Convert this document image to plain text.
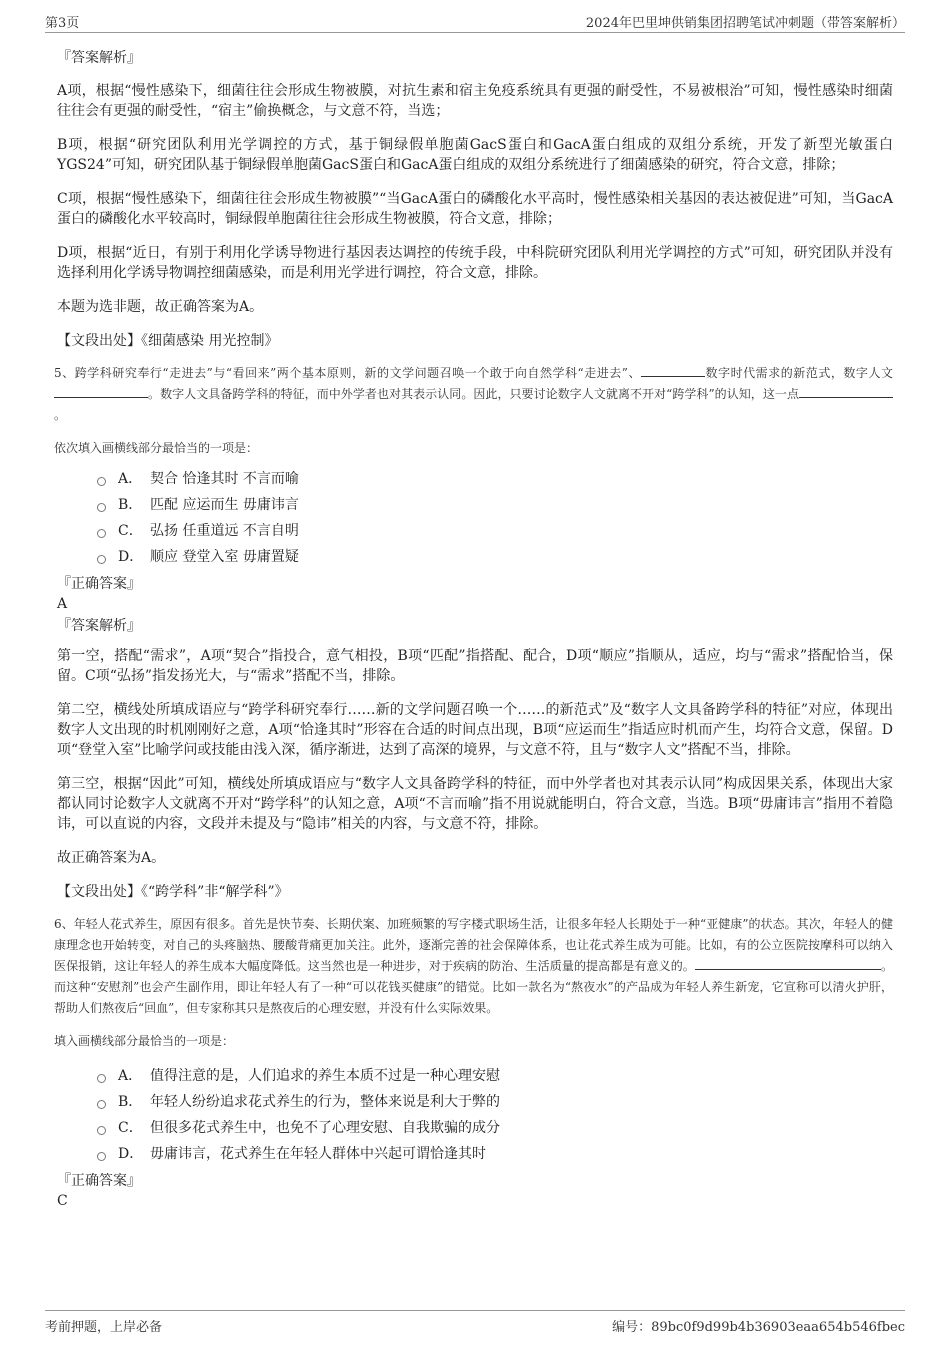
第3页	2024年巴里坤供销集团招聘笔试冲刺题（带答案解析）
『答案解析』

A项，根据“慢性感染下，细菌往往会形成生物被膜，对抗生素和宿主免疫系统具有更强的耐受性，不易被根治”可知，慢性感染时细菌往往会有更强的耐受性，“宿主”偷换概念，与文意不符，当选；

B项，根据“研究团队利用光学调控的方式，基于铜绿假单胞菌GacS蛋白和GacA蛋白组成的双组分系统，开发了新型光敏蛋白YGS24”可知，研究团队基于铜绿假单胞菌GacS蛋白和GacA蛋白组成的双组分系统进行了细菌感染的研究，符合文意，排除；

C项，根据“慢性感染下，细菌往往会形成生物被膜”“当GacA蛋白的磷酸化水平高时，慢性感染相关基因的表达被促进”可知，当GacA蛋白的磷酸化水平较高时，铜绿假单胞菌往往会形成生物被膜，符合文意，排除；

D项，根据“近日，有别于利用化学诱导物进行基因表达调控的传统手段，中科院研究团队利用光学调控的方式”可知，研究团队并没有选择利用化学诱导物调控细菌感染，而是利用光学进行调控，符合文意，排除。

本题为选非题，故正确答案为A。

【文段出处】《细菌感染 用光控制》

5、跨学科研究奉行“走进去”与“看回来”两个基本原则，新的文学问题召唤一个敢于向自然学科“走进去”、	数字时代需求的新范式，数字人文。数字人文具备跨学科的特征，而中外学者也对其表示认同。因此，只要讨论数字人文就离不开对“跨学科”的认知，这一点。

依次填入画横线部分最恰当的一项是：

A． 契合 恰逢其时 不言而喻
B． 匹配 应运而生 毋庸讳言
C． 弘扬 任重道远 不言自明
D． 顺应 登堂入室 毋庸置疑
『正确答案』
A
『答案解析』

第一空，搭配“需求”，A项“契合”指投合，意气相投，B项“匹配”指搭配、配合，D项“顺应”指顺从，适应，均与“需求”搭配恰当，保留。C项“弘扬”指发扬光大，与“需求”搭配不当，排除。

第二空，横线处所填成语应与“跨学科研究奉行……新的文学问题召唤一个……的新范式”及“数字人文具备跨学科的特征”对应，体现出数字人文出现的时机刚刚好之意，A项“恰逢其时”形容在合适的时间点出现，B项“应运而生”指适应时机而产生，均符合文意，保留。D项“登堂入室”比喻学问或技能由浅入深，循序渐进，达到了高深的境界，与文意不符，且与“数字人文”搭配不当，排除。

第三空，根据“因此”可知，横线处所填成语应与“数字人文具备跨学科的特征，而中外学者也对其表示认同”构成因果关系，体现出大家都认同讨论数字人文就离不开对“跨学科”的认知之意，A项“不言而喻”指不用说就能明白，符合文意，当选。B项“毋庸讳言”指用不着隐讳，可以直说的内容，文段并未提及与“隐讳”相关的内容，与文意不符，排除。

故正确答案为A。

【文段出处】《“跨学科”非“解学科”》

6、年轻人花式养生，原因有很多。首先是快节奏、长期伏案、加班频繁的写字楼式职场生活，让很多年轻人长期处于一种“亚健康”的状态。其次，年轻人的健康理念也开始转变，对自己的头疼脑热、腰酸背痛更加关注。此外，逐渐完善的社会保障体系，也让花式养生成为可能。比如，有的公立医院按摩科可以纳入医保报销，这让年轻人的养生成本大幅度降低。这当然也是一种进步，对于疾病的防治、生活质量的提高都是有意义的。	。而这种“安慰剂”也会产生副作用，即让年轻人有了一种“可以花钱买健康”的错觉。比如一款名为“熬夜水”的产品成为年轻人养生新宠，它宣称可以清火护肝，帮助人们熬夜后“回血”，但专家称其只是熬夜后的心理安慰，并没有什么实际效果。

填入画横线部分最恰当的一项是：

A． 值得注意的是，人们追求的养生本质不过是一种心理安慰
B． 年轻人纷纷追求花式养生的行为，整体来说是利大于弊的
C． 但很多花式养生中，也免不了心理安慰、自我欺骗的成分
D． 毋庸讳言，花式养生在年轻人群体中兴起可谓恰逢其时
『正确答案』
C
考前押题，上岸必备	编号：89bc0f9d99b4b36903eaa654b546fbec
